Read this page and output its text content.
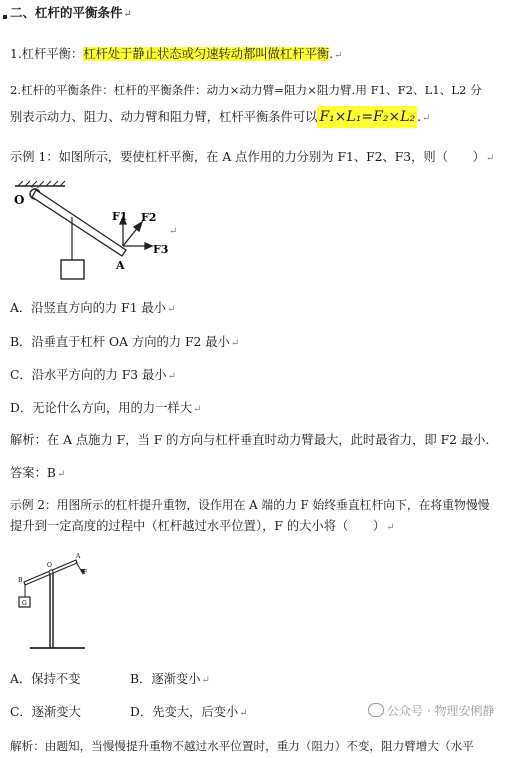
二、杠杆的平衡条件↵
1.杠杆平衡：杠杆处于静止状态或匀速转动都叫做杠杆平衡.↵
2.杠杆的平衡条件：杠杆的平衡条件：动力×动力臂=阻力×阻力臂.用 F1、F2、L1、L2 分
别表示动力、阻力、动力臂和阻力臂，杠杆平衡条件可以 F₁×L₁=F₂×L₂ .↵
示例 1：如图所示，要使杠杆平衡，在 A 点作用的力分别为 F1、F2、F3，则（　　）↵
O
A
F1 F2
F3
↵
A．沿竖直方向的力 F1 最小↵
B．沿垂直于杠杆 OA 方向的力 F2 最小↵
C．沿水平方向的力 F3 最小↵
D．无论什么方向，用的力一样大↵
解析：在 A 点施力 F，当 F 的方向与杠杆垂直时动力臂最大，此时最省力，即 F2 最小.
答案：B↵
示例 2：用图所示的杠杆提升重物，设作用在 A 端的力 F 始终垂直杠杆向下，在将重物慢慢
提升到一定高度的过程中（杠杆越过水平位置），F 的大小将（　　）↵
B
O
A
F
G
A．保持不变	B．逐渐变小↵
C．逐渐变大	D．先变大，后变小↵
解析：由题知，当慢慢提升重物不越过水平位置时，重力（阻力）不变，阻力臂增大（水平
公众号 · 物理安俐静
